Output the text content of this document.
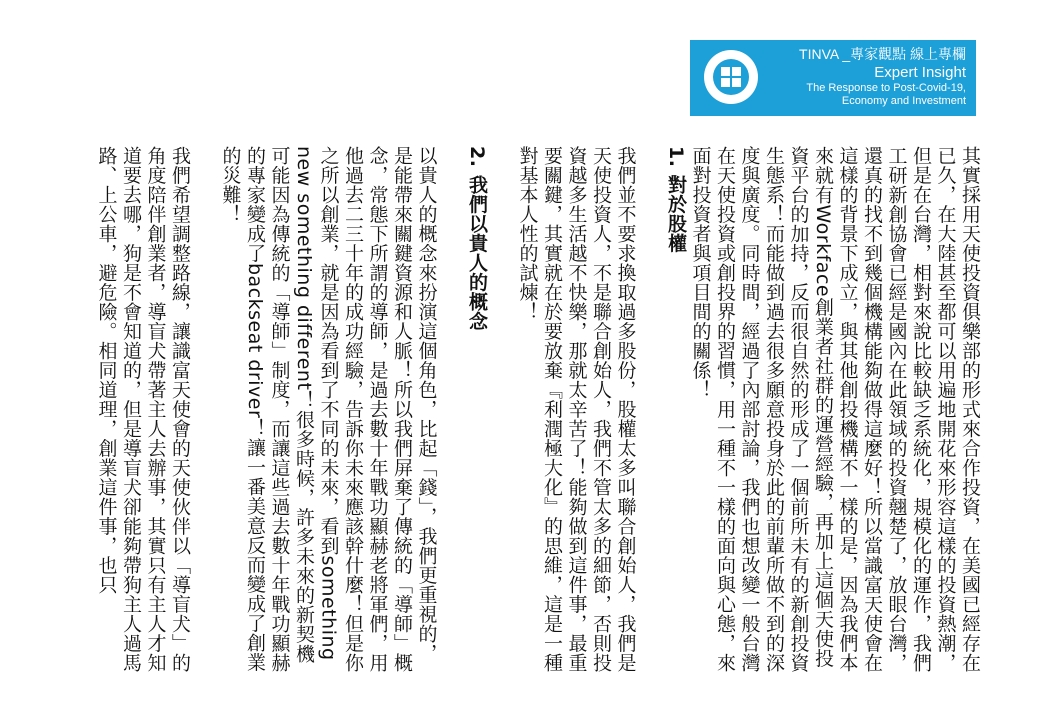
TINVA _專家觀點 線上專欄
Expert Insight
The Response to Post-Covid-19,
Economy and Investment

其實採用天使投資俱樂部的形式來合作投資，在美國已經存在已久，在大陸甚至都可以用遍地開花來形容這樣的投資熱潮，但是在台灣，相對來說比較缺乏系統化，規模化的運作，我們工研新創協會已經是國內在此領域的投資翹楚了，放眼台灣，還真的找不到幾個機構能夠做得這麼好！所以當識富天使會在這樣的背景下成立，與其他創投機構不一樣的是，因為我們本來就有Workface創業者社群的運營經驗，再加上這個天使投資平台的加持，反而很自然的形成了一個前所未有的新創投資生態系！而能做到過去很多願意投身於此的前輩所做不到的深度與廣度。同時間，經過了內部討論，我們也想改變一般台灣在天使投資或創投界的習慣，用一種不一樣的面向與心態，來面對投資者與項目間的關係！

1. 對於股權

我們並不要求換取過多股份，股權太多叫聯合創始人，我們是天使投資人，不是聯合創始人，我們不管太多的細節，否則投資越多生活越不快樂，那就太辛苦了！能夠做到這件事，最重要關鍵，其實就在於要放棄『利潤極大化』的思維，這是一種對基本人性的試煉！

2. 我們以貴人的概念

以貴人的概念來扮演這個角色，比起「錢」，我們更重視的，是能帶來關鍵資源和人脈！所以我們屏棄了傳統的「導師」概念，常態下所謂的導師，是過去數十年戰功顯赫老將軍們，用他過去二三十年的成功經驗，告訴你未來應該幹什麼！但是你之所以創業，就是因為看到了不同的未來，看到something new something different！很多時候，許多未來的新契機可能因為傳統的「導師」制度，而讓這些過去數十年戰功顯赫的專家變成了backseat driver！讓一番美意反而變成了創業的災難！

我們希望調整路線，讓識富天使會的天使伙伴以「導盲犬」的角度陪伴創業者，導盲犬帶著主人去辦事，其實只有主人才知道要去哪，狗是不會知道的，但是導盲犬卻能夠帶狗主人過馬路、上公車，避危險。相同道理，創業這件事，也只
